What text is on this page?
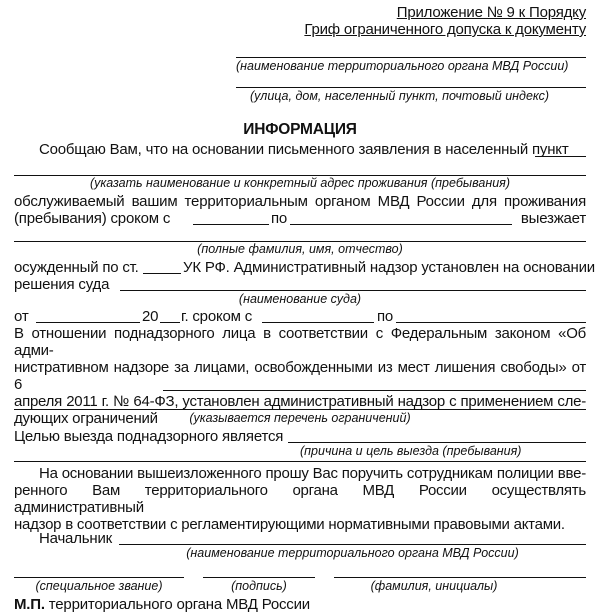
Приложение № 9 к Порядку
Гриф ограниченного допуска к документу
(наименование территориального органа МВД России)
(улица, дом, населенный пункт, почтовый индекс)
ИНФОРМАЦИЯ
Сообщаю Вам, что на основании письменного заявления в населенный пункт
(указать наименование и конкретный адрес проживания (пребывания)
обслуживаемый вашим территориальным органом МВД России для проживания
(пребывания) сроком с	по	выезжает
(полные фамилия, имя, отчество)
осужденный по ст.	УК РФ. Административный надзор установлен на основании
решения суда
(наименование суда)
от	20 г. сроком с	по
В отношении поднадзорного лица в соответствии с Федеральным законом «Об адми-
нистративном надзоре за лицами, освобожденными из мест лишения свободы» от 6
апреля 2011 г. № 64-ФЗ, установлен административный надзор с применением сле-
дующих ограничений	(указывается перечень ограничений)
Целью выезда поднадзорного является
(причина и цель выезда (пребывания)
На основании вышеизложенного прошу Вас поручить сотрудникам полиции ввe-
ренного Вам территориального органа МВД России осуществлять административный
надзор в соответствии с регламентирующими нормативными правовыми актами.
Начальник
(наименование территориального органа МВД России)
(специальное звание)	(подпись)	(фамилия, инициалы)
М.П. территориального органа МВД России
